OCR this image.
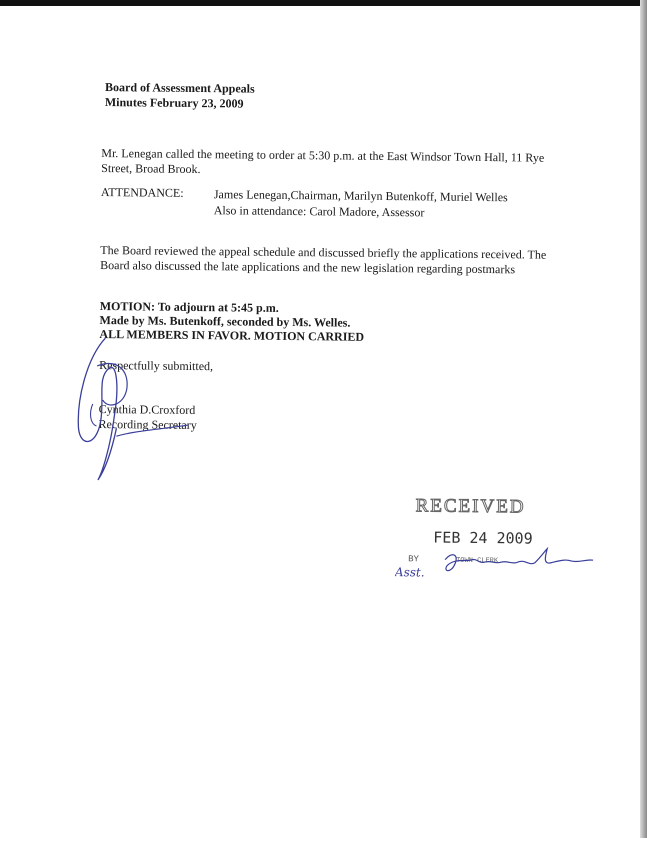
Board of Assessment Appeals
Minutes February 23, 2009
Mr. Lenegan called the meeting to order at 5:30 p.m. at the East Windsor Town Hall, 11 Rye Street, Broad Brook.
ATTENDANCE:	James Lenegan,Chairman, Marilyn Butenkoff, Muriel Welles
Also in attendance: Carol Madore, Assessor
The Board reviewed the appeal schedule and discussed briefly the applications received. The Board also discussed the late applications and the new legislation regarding postmarks
MOTION: To adjourn at 5:45 p.m.
Made by Ms. Butenkoff, seconded by Ms. Welles.
ALL MEMBERS IN FAVOR. MOTION CARRIED
Respectfully submitted,
Cynthia D.Croxford
Recording Secretary
RECEIVED
FEB 24 2009
BY	TOWN CLERK
Asst.
